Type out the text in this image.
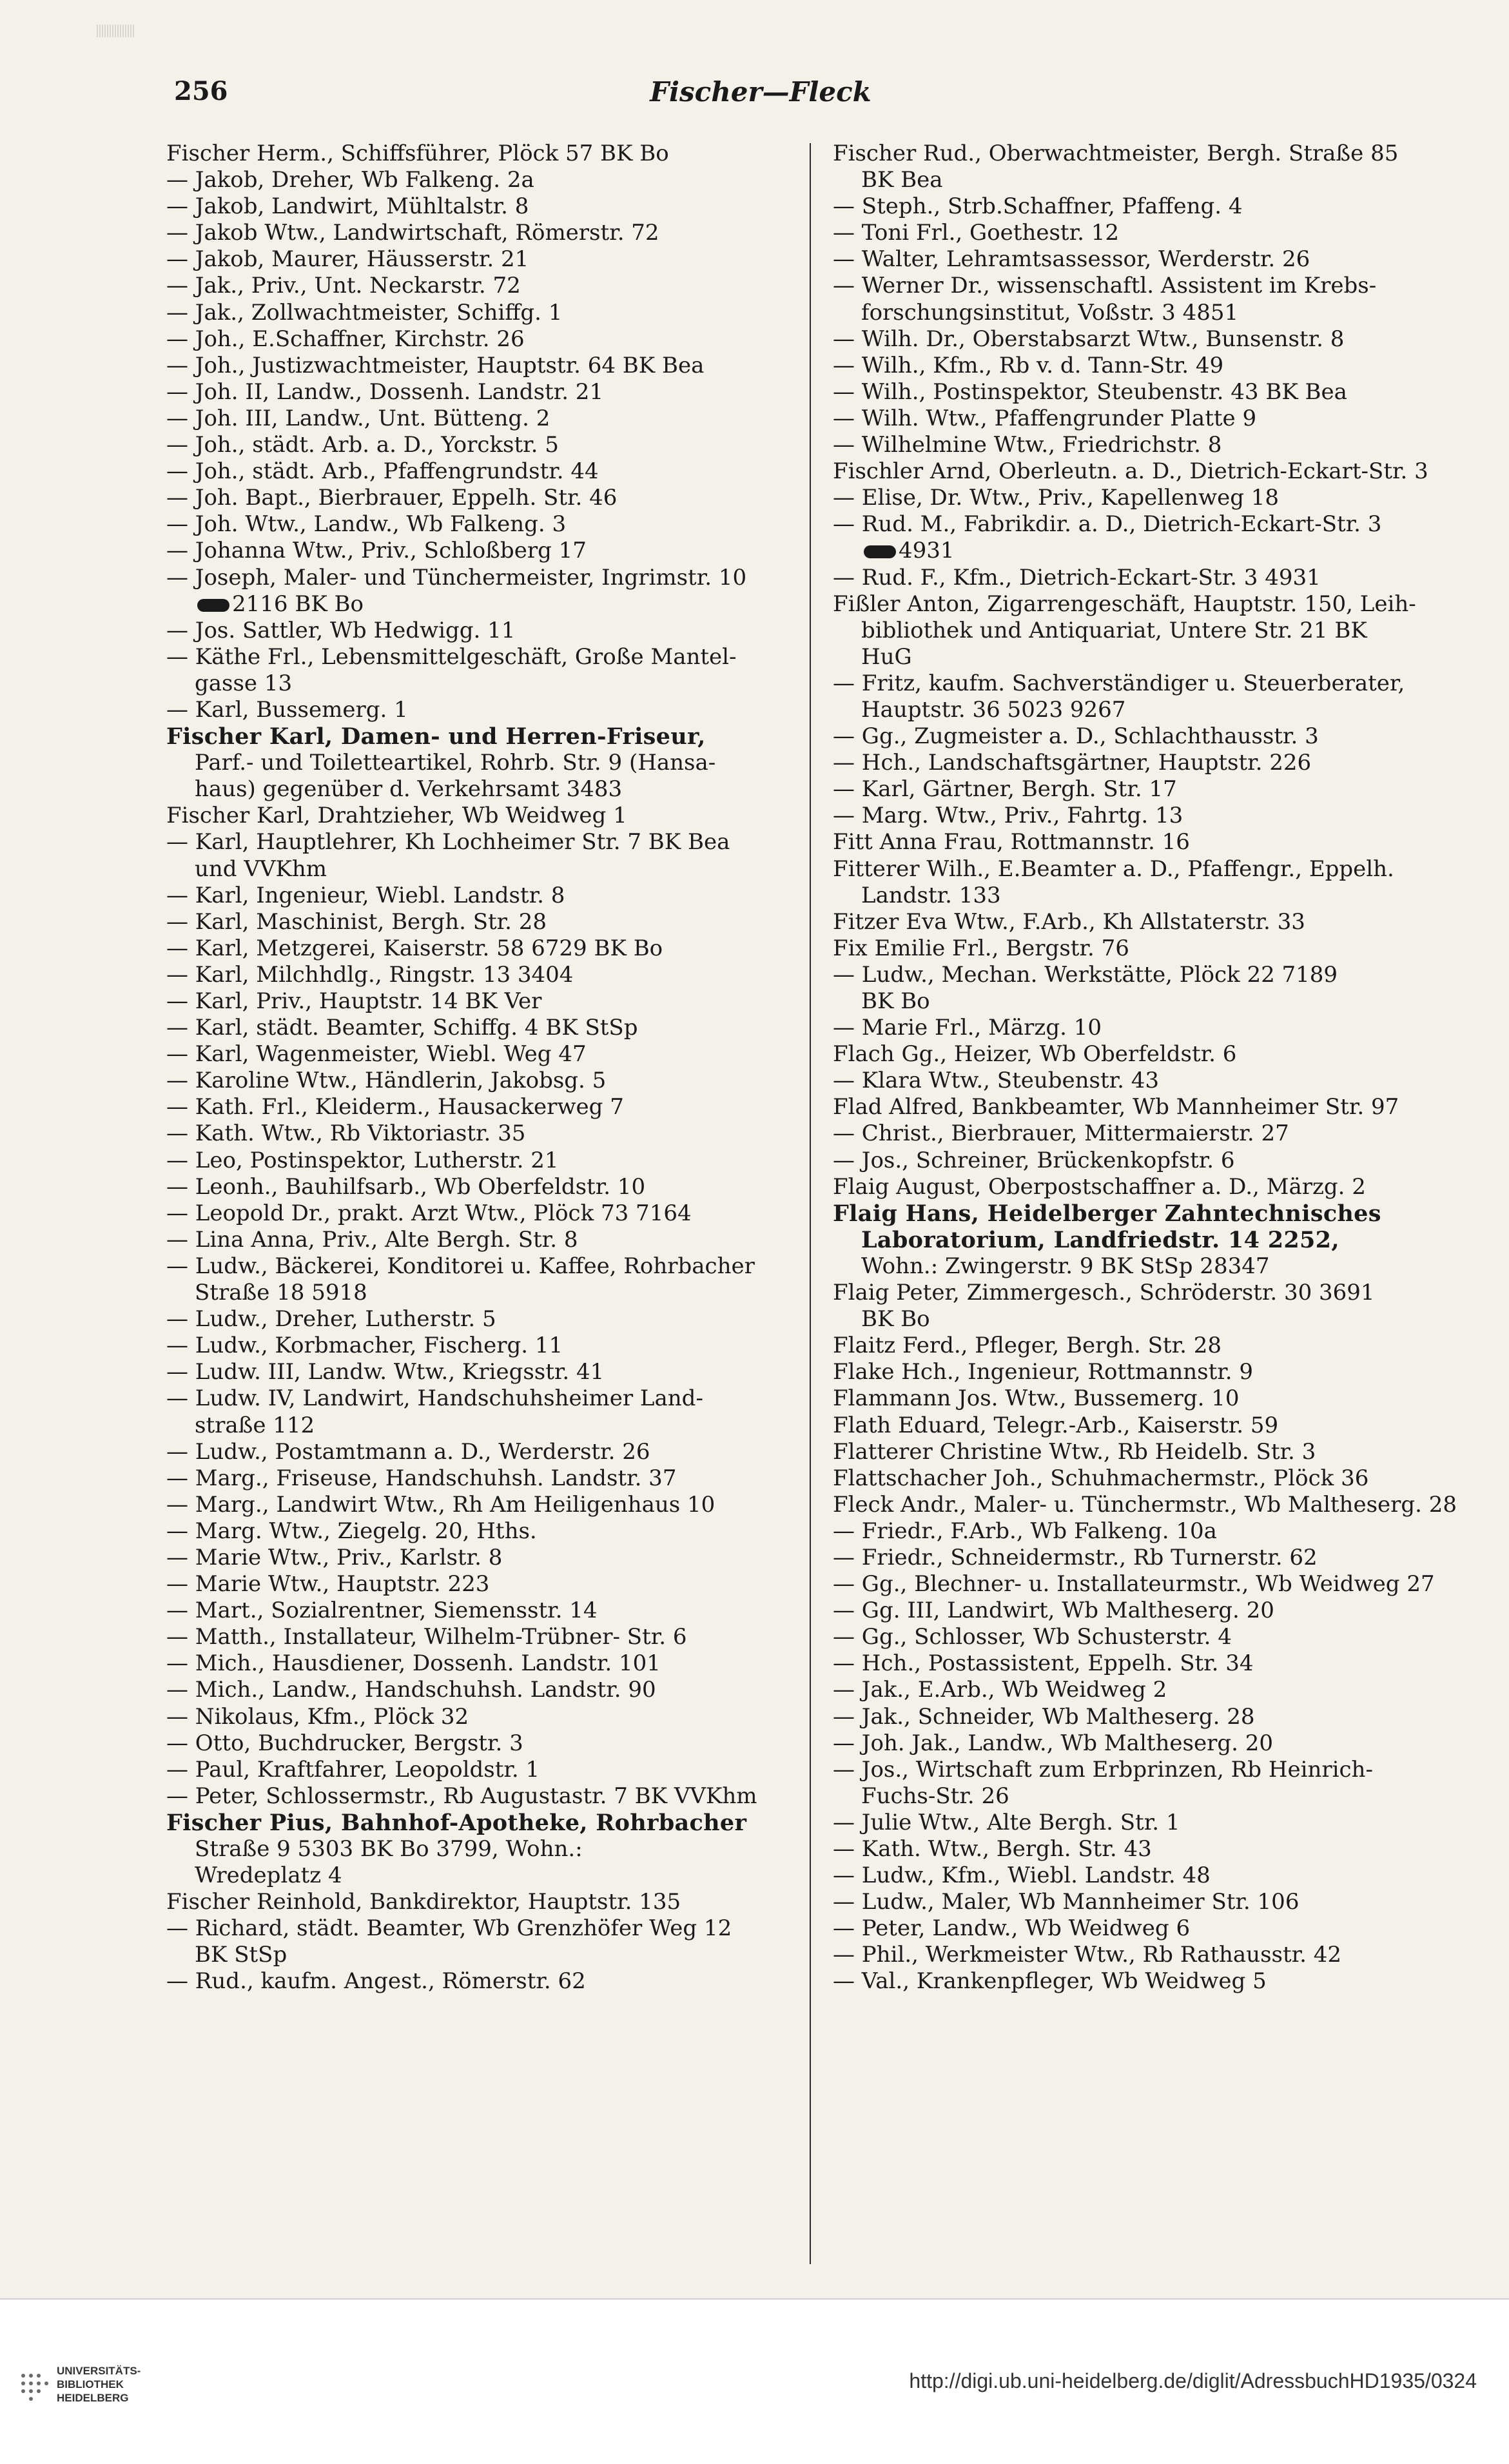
256	Fischer—Fleck
Fischer Herm., Schiffsführer, Plöck 57 BK Bo
— Jakob, Dreher, Wb Falkeng. 2a
— Jakob, Landwirt, Mühltalstr. 8
— Jakob Wtw., Landwirtschaft, Römerstr. 72
— Jakob, Maurer, Häusserstr. 21
— Jak., Priv., Unt. Neckarstr. 72
— Jak., Zollwachtmeister, Schiffg. 1
— Joh., E.Schaffner, Kirchstr. 26
— Joh., Justizwachtmeister, Hauptstr. 64 BK Bea
— Joh. II, Landw., Dossenh. Landstr. 21
— Joh. III, Landw., Unt. Bütteng. 2
— Joh., städt. Arb. a. D., Yorckstr. 5
— Joh., städt. Arb., Pfaffengrundstr. 44
— Joh. Bapt., Bierbrauer, Eppelh. Str. 46
— Joh. Wtw., Landw., Wb Falkeng. 3
— Johanna Wtw., Priv., Schloßberg 17
— Joseph, Maler- und Tünchermeister, Ingrimstr. 10
2116 BK Bo
— Jos. Sattler, Wb Hedwigg. 11
— Käthe Frl., Lebensmittelgeschäft, Große Mantel-
gasse 13
— Karl, Bussemerg. 1
Fischer Karl, Damen- und Herren-Friseur,
Parf.- und Toiletteartikel, Rohrb. Str. 9 (Hansa-
haus) gegenüber d. Verkehrsamt 3483
Fischer Karl, Drahtzieher, Wb Weidweg 1
— Karl, Hauptlehrer, Kh Lochheimer Str. 7 BK Bea
und VVKhm
— Karl, Ingenieur, Wiebl. Landstr. 8
— Karl, Maschinist, Bergh. Str. 28
— Karl, Metzgerei, Kaiserstr. 58 6729 BK Bo
— Karl, Milchhdlg., Ringstr. 13 3404
— Karl, Priv., Hauptstr. 14 BK Ver
— Karl, städt. Beamter, Schiffg. 4 BK StSp
— Karl, Wagenmeister, Wiebl. Weg 47
— Karoline Wtw., Händlerin, Jakobsg. 5
— Kath. Frl., Kleiderm., Hausackerweg 7
— Kath. Wtw., Rb Viktoriastr. 35
— Leo, Postinspektor, Lutherstr. 21
— Leonh., Bauhilfsarb., Wb Oberfeldstr. 10
— Leopold Dr., prakt. Arzt Wtw., Plöck 73 7164
— Lina Anna, Priv., Alte Bergh. Str. 8
— Ludw., Bäckerei, Konditorei u. Kaffee, Rohrbacher
Straße 18 5918
— Ludw., Dreher, Lutherstr. 5
— Ludw., Korbmacher, Fischerg. 11
— Ludw. III, Landw. Wtw., Kriegsstr. 41
— Ludw. IV, Landwirt, Handschuhsheimer Land-
straße 112
— Ludw., Postamtmann a. D., Werderstr. 26
— Marg., Friseuse, Handschuhsh. Landstr. 37
— Marg., Landwirt Wtw., Rh Am Heiligenhaus 10
— Marg. Wtw., Ziegelg. 20, Hths.
— Marie Wtw., Priv., Karlstr. 8
— Marie Wtw., Hauptstr. 223
— Mart., Sozialrentner, Siemensstr. 14
— Matth., Installateur, Wilhelm-Trübner- Str. 6
— Mich., Hausdiener, Dossenh. Landstr. 101
— Mich., Landw., Handschuhsh. Landstr. 90
— Nikolaus, Kfm., Plöck 32
— Otto, Buchdrucker, Bergstr. 3
— Paul, Kraftfahrer, Leopoldstr. 1
— Peter, Schlossermstr., Rb Augustastr. 7 BK VVKhm
Fischer Pius, Bahnhof-Apotheke, Rohrbacher
Straße 9 5303 BK Bo 3799, Wohn.:
Wredeplatz 4
Fischer Reinhold, Bankdirektor, Hauptstr. 135
— Richard, städt. Beamter, Wb Grenzhöfer Weg 12
BK StSp
— Rud., kaufm. Angest., Römerstr. 62
Fischer Rud., Oberwachtmeister, Bergh. Straße 85
BK Bea
— Steph., Strb.Schaffner, Pfaffeng. 4
— Toni Frl., Goethestr. 12
— Walter, Lehramtsassessor, Werderstr. 26
— Werner Dr., wissenschaftl. Assistent im Krebs-
forschungsinstitut, Voßstr. 3 4851
— Wilh. Dr., Oberstabsarzt Wtw., Bunsenstr. 8
— Wilh., Kfm., Rb v. d. Tann-Str. 49
— Wilh., Postinspektor, Steubenstr. 43 BK Bea
— Wilh. Wtw., Pfaffengrunder Platte 9
— Wilhelmine Wtw., Friedrichstr. 8
Fischler Arnd, Oberleutn. a. D., Dietrich-Eckart-Str. 3
— Elise, Dr. Wtw., Priv., Kapellenweg 18
— Rud. M., Fabrikdir. a. D., Dietrich-Eckart-Str. 3
4931
— Rud. F., Kfm., Dietrich-Eckart-Str. 3 4931
Fißler Anton, Zigarrengeschäft, Hauptstr. 150, Leih-
bibliothek und Antiquariat, Untere Str. 21 BK
HuG
— Fritz, kaufm. Sachverständiger u. Steuerberater,
Hauptstr. 36 5023 9267
— Gg., Zugmeister a. D., Schlachthausstr. 3
— Hch., Landschaftsgärtner, Hauptstr. 226
— Karl, Gärtner, Bergh. Str. 17
— Marg. Wtw., Priv., Fahrtg. 13
Fitt Anna Frau, Rottmannstr. 16
Fitterer Wilh., E.Beamter a. D., Pfaffengr., Eppelh.
Landstr. 133
Fitzer Eva Wtw., F.Arb., Kh Allstaterstr. 33
Fix Emilie Frl., Bergstr. 76
— Ludw., Mechan. Werkstätte, Plöck 22 7189
BK Bo
— Marie Frl., Märzg. 10
Flach Gg., Heizer, Wb Oberfeldstr. 6
— Klara Wtw., Steubenstr. 43
Flad Alfred, Bankbeamter, Wb Mannheimer Str. 97
— Christ., Bierbrauer, Mittermaierstr. 27
— Jos., Schreiner, Brückenkopfstr. 6
Flaig August, Oberpostschaffner a. D., Märzg. 2
Flaig Hans, Heidelberger Zahntechnisches
Laboratorium, Landfriedstr. 14 2252,
Wohn.: Zwingerstr. 9 BK StSp 28347
Flaig Peter, Zimmergesch., Schröderstr. 30 3691
BK Bo
Flaitz Ferd., Pfleger, Bergh. Str. 28
Flake Hch., Ingenieur, Rottmannstr. 9
Flammann Jos. Wtw., Bussemerg. 10
Flath Eduard, Telegr.-Arb., Kaiserstr. 59
Flatterer Christine Wtw., Rb Heidelb. Str. 3
Flattschacher Joh., Schuhmachermstr., Plöck 36
Fleck Andr., Maler- u. Tünchermstr., Wb Maltheserg. 28
— Friedr., F.Arb., Wb Falkeng. 10a
— Friedr., Schneidermstr., Rb Turnerstr. 62
— Gg., Blechner- u. Installateurmstr., Wb Weidweg 27
— Gg. III, Landwirt, Wb Maltheserg. 20
— Gg., Schlosser, Wb Schusterstr. 4
— Hch., Postassistent, Eppelh. Str. 34
— Jak., E.Arb., Wb Weidweg 2
— Jak., Schneider, Wb Maltheserg. 28
— Joh. Jak., Landw., Wb Maltheserg. 20
— Jos., Wirtschaft zum Erbprinzen, Rb Heinrich-
Fuchs-Str. 26
— Julie Wtw., Alte Bergh. Str. 1
— Kath. Wtw., Bergh. Str. 43
— Ludw., Kfm., Wiebl. Landstr. 48
— Ludw., Maler, Wb Mannheimer Str. 106
— Peter, Landw., Wb Weidweg 6
— Phil., Werkmeister Wtw., Rb Rathausstr. 42
— Val., Krankenpfleger, Wb Weidweg 5
UNIVERSITÄTS-
BIBLIOTHEK
HEIDELBERG
http://digi.ub.uni-heidelberg.de/diglit/AdressbuchHD1935/0324
